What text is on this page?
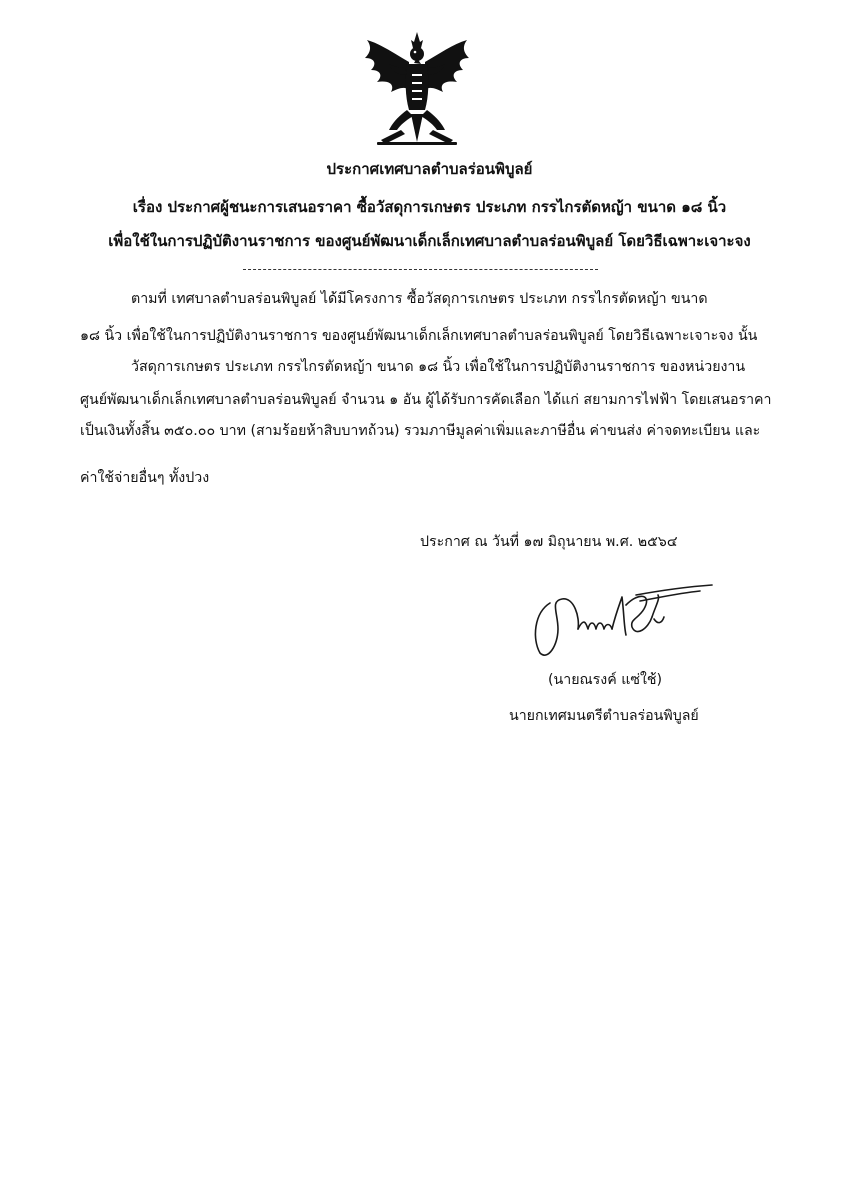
ประกาศเทศบาลตำบลร่อนพิบูลย์
เรื่อง ประกาศผู้ชนะการเสนอราคา ซื้อวัสดุการเกษตร ประเภท กรรไกรตัดหญ้า ขนาด ๑๘ นิ้ว
เพื่อใช้ในการปฏิบัติงานราชการ ของศูนย์พัฒนาเด็กเล็กเทศบาลตำบลร่อนพิบูลย์ โดยวิธีเฉพาะเจาะจง
ตามที่ เทศบาลตำบลร่อนพิบูลย์ ได้มีโครงการ ซื้อวัสดุการเกษตร ประเภท กรรไกรตัดหญ้า ขนาด
๑๘ นิ้ว เพื่อใช้ในการปฏิบัติงานราชการ ของศูนย์พัฒนาเด็กเล็กเทศบาลตำบลร่อนพิบูลย์ โดยวิธีเฉพาะเจาะจง นั้น
วัสดุการเกษตร ประเภท กรรไกรตัดหญ้า ขนาด ๑๘ นิ้ว เพื่อใช้ในการปฏิบัติงานราชการ ของหน่วยงาน
ศูนย์พัฒนาเด็กเล็กเทศบาลตำบลร่อนพิบูลย์ จำนวน ๑ อัน ผู้ได้รับการคัดเลือก ได้แก่ สยามการไฟฟ้า โดยเสนอราคา
เป็นเงินทั้งสิ้น ๓๕๐.๐๐ บาท (สามร้อยห้าสิบบาทถ้วน) รวมภาษีมูลค่าเพิ่มและภาษีอื่น ค่าขนส่ง ค่าจดทะเบียน และ
ค่าใช้จ่ายอื่นๆ ทั้งปวง
ประกาศ ณ วันที่ ๑๗ มิถุนายน พ.ศ. ๒๕๖๔
(นายณรงค์ แซ่ใช้)
นายกเทศมนตรีตำบลร่อนพิบูลย์
